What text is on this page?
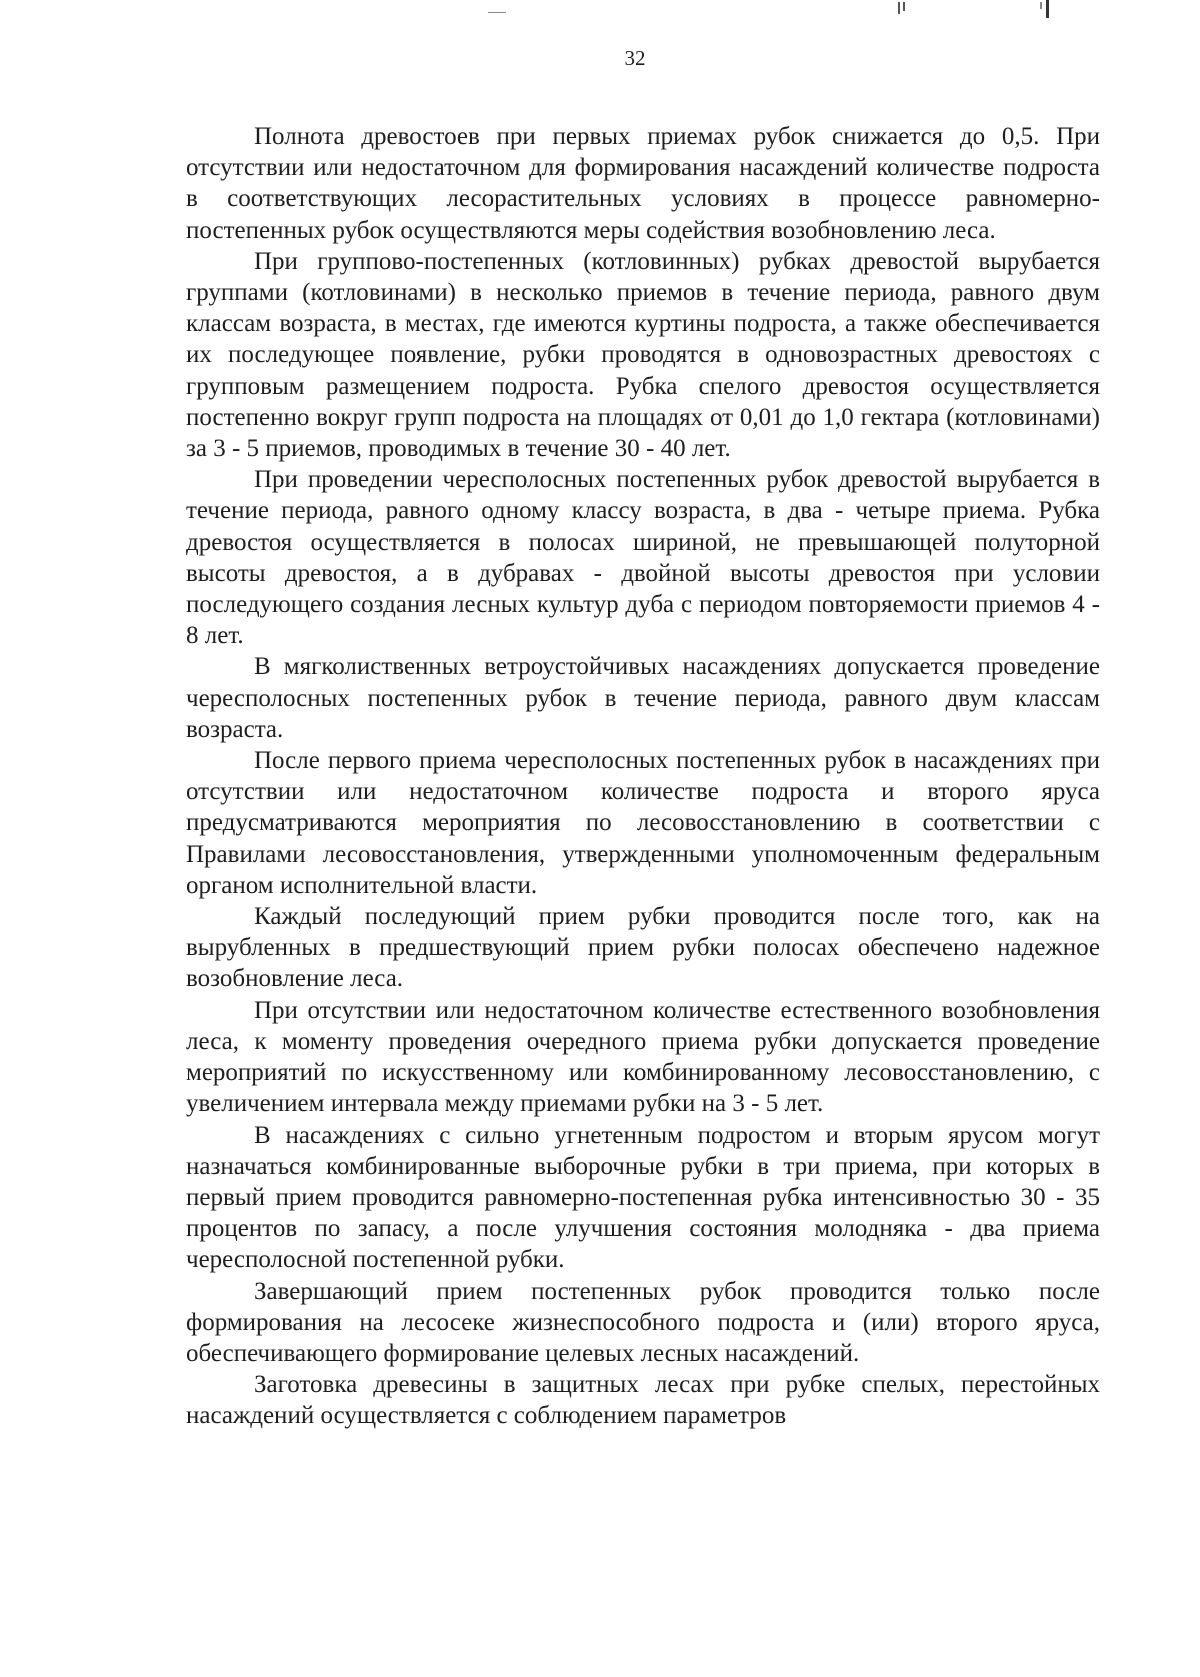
32

Полнота древостоев при первых приемах рубок снижается до 0,5. При отсутствии или недостаточном для формирования насаждений количестве подроста в соответствующих лесорастительных условиях в процессе равномерно-постепенных рубок осуществляются меры содействия возобновлению леса.

При группово-постепенных (котловинных) рубках древостой вырубается группами (котловинами) в несколько приемов в течение периода, равного двум классам возраста, в местах, где имеются куртины подроста, а также обеспечивается их последующее появление, рубки проводятся в одновозрастных древостоях с групповым размещением подроста. Рубка спелого древостоя осуществляется постепенно вокруг групп подроста на площадях от 0,01 до 1,0 гектара (котловинами) за 3 - 5 приемов, проводимых в течение 30 - 40 лет.

При проведении чересполосных постепенных рубок древостой вырубается в течение периода, равного одному классу возраста, в два - четыре приема. Рубка древостоя осуществляется в полосах шириной, не превышающей полуторной высоты древостоя, а в дубравах - двойной высоты древостоя при условии последующего создания лесных культур дуба с периодом повторяемости приемов 4 - 8 лет.

В мягколиственных ветроустойчивых насаждениях допускается проведение чересполосных постепенных рубок в течение периода, равного двум классам возраста.

После первого приема чересполосных постепенных рубок в насаждениях при отсутствии или недостаточном количестве подроста и второго яруса предусматриваются мероприятия по лесовосстановлению в соответствии с Правилами лесовосстановления, утвержденными уполномоченным федеральным органом исполнительной власти.

Каждый последующий прием рубки проводится после того, как на вырубленных в предшествующий прием рубки полосах обеспечено надежное возобновление леса.

При отсутствии или недостаточном количестве естественного возобновления леса, к моменту проведения очередного приема рубки допускается проведение мероприятий по искусственному или комбинированному лесовосстановлению, с увеличением интервала между приемами рубки на 3 - 5 лет.

В насаждениях с сильно угнетенным подростом и вторым ярусом могут назначаться комбинированные выборочные рубки в три приема, при которых в первый прием проводится равномерно-постепенная рубка интенсивностью 30 - 35 процентов по запасу, а после улучшения состояния молодняка - два приема чересполосной постепенной рубки.

Завершающий прием постепенных рубок проводится только после формирования на лесосеке жизнеспособного подроста и (или) второго яруса, обеспечивающего формирование целевых лесных насаждений.

Заготовка древесины в защитных лесах при рубке спелых, перестойных насаждений осуществляется с соблюдением параметров
